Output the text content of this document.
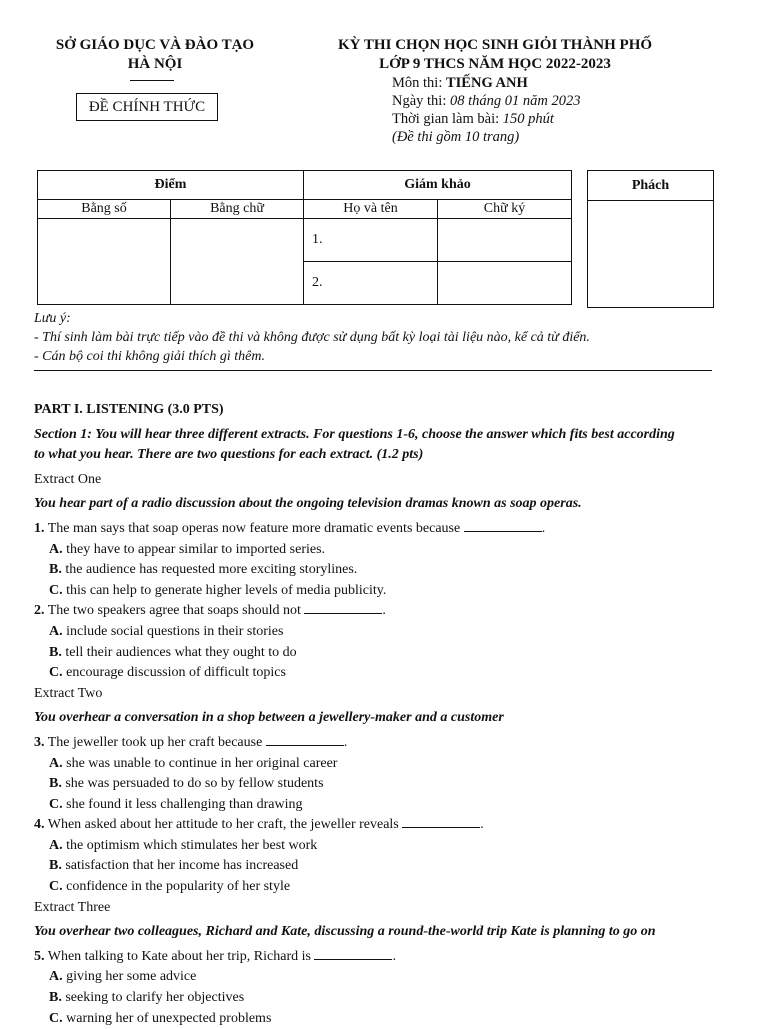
SỞ GIÁO DỤC VÀ ĐÀO TẠO
HÀ NỘI
ĐỀ CHÍNH THỨC
KỲ THI CHỌN HỌC SINH GIỎI THÀNH PHỐ
LỚP 9 THCS NĂM HỌC 2022-2023
Môn thi: TIẾNG ANH
Ngày thi: 08 tháng 01 năm 2023
Thời gian làm bài: 150 phút
(Đề thi gồm 10 trang)
Điểm		Giám khảo	
Bằng số	Bằng chữ	Họ và tên	Chữ ký
		1.	
		2.	
Phách
Lưu ý:
- Thí sinh làm bài trực tiếp vào đề thi và không được sử dụng bất kỳ loại tài liệu nào, kể cả từ điển.
- Cán bộ coi thi không giải thích gì thêm.

PART I. LISTENING (3.0 PTS)

Section 1: You will hear three different extracts. For questions 1-6, choose the answer which fits best according

to what you hear. There are two questions for each extract. (1.2 pts)

Extract One

You hear part of a radio discussion about the ongoing television dramas known as soap operas.

1. The man says that soap operas now feature more dramatic events because	.

A. they have to appear similar to imported series.

B. the audience has requested more exciting storylines.

C. this can help to generate higher levels of media publicity.

2. The two speakers agree that soaps should not	.

A. include social questions in their stories

B. tell their audiences what they ought to do

C. encourage discussion of difficult topics

Extract Two

You overhear a conversation in a shop between a jewellery-maker and a customer

3. The jeweller took up her craft because	.

A. she was unable to continue in her original career

B. she was persuaded to do so by fellow students

C. she found it less challenging than drawing

4. When asked about her attitude to her craft, the jeweller reveals	.

A. the optimism which stimulates her best work

B. satisfaction that her income has increased

C. confidence in the popularity of her style

Extract Three

You overhear two colleagues, Richard and Kate, discussing a round-the-world trip Kate is planning to go on

5. When talking to Kate about her trip, Richard is	.

A. giving her some advice

B. seeking to clarify her objectives

C. warning her of unexpected problems
